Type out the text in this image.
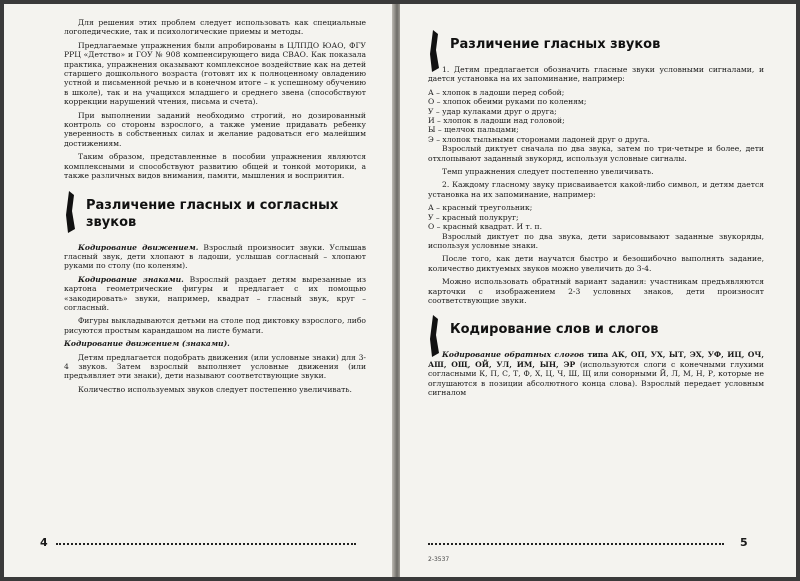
Для решения этих проблем следует использовать как специальные логопедические, так и психологические приемы и методы.

Предлагаемые упражнения были апробированы в ЦЛПДО ЮАО, ФГУ РРЦ «Детство» и ГОУ № 908 компенсирующего вида СВАО. Как показала практика, упражнения оказывают комплексное воздействие как на детей старшего дошкольного возраста (готовят их к полноценному овладению устной и письменной речью и в конечном итоге – к успешному обучению в школе), так и на учащихся младшего и среднего звена (способствуют коррекции нарушений чтения, письма и счета).

При выполнении заданий необходимо строгий, но дозированный контроль со стороны взрослого, а также умение придавать ребенку уверенность в собственных силах и желание радоваться его малейшим достижениям.

Таким образом, представленные в пособии упражнения являются комплексными и способствуют развитию общей и тонкой моторики, а также различных видов внимания, памяти, мышления и восприятия.

Различение гласных и согласных звуков

Кодирование движением. Взрослый произносит звуки. Услышав гласный звук, дети хлопают в ладоши, услышав согласный – хлопают руками по столу (по коленям).

Кодирование знаками. Взрослый раздает детям вырезанные из картона геометрические фигуры и предлагает с их помощью «закодировать» звуки, например, квадрат – гласный звук, круг – согласный.

Фигуры выкладываются детьми на столе под диктовку взрослого, либо рисуются простым карандашом на листе бумаги.

Кодирование движением (знаками).

Детям предлагается подобрать движения (или условные знаки) для 3-4 звуков. Затем взрослый выполняет условные движения (или предъявляет эти знаки), дети называют соответствующие звуки.

Количество используемых звуков следует постепенно увеличивать.

4
Различение гласных звуков

1. Детям предлагается обозначить гласные звуки условными сигналами, и дается установка на их запоминание, например:

А – хлопок в ладоши перед собой;

О – хлопок обеими руками по коленям;

У – удар кулаками друг о друга;

И – хлопок в ладоши над головой;

Ы – щелчок пальцами;

Э – хлопок тыльными сторонами ладоней друг о друга.

Взрослый диктует сначала по два звука, затем по три-четыре и более, дети отхлопывают заданный звукоряд, используя условные сигналы.

Темп упражнения следует постепенно увеличивать.

2. Каждому гласному звуку присваивается какой-либо символ, и детям дается установка на их запоминание, например:

А – красный треугольник;

У – красный полукруг;

О – красный квадрат. И т. п.

Взрослый диктует по два звука, дети зарисовывают заданные звукоряды, используя условные знаки.

После того, как дети научатся быстро и безошибочно выполнять задание, количество диктуемых звуков можно увеличить до 3-4.

Можно использовать обратный вариант задания: участникам предъявляются карточки с изображением 2-3 условных знаков, дети произносят соответствующие звуки.

Кодирование слов и слогов

Кодирование обратных слогов типа АК, ОП, УХ, ЫТ, ЭХ, УФ, ИЦ, ОЧ, АШ, ОЩ, ОЙ, УЛ, ИМ, ЫН, ЭР (используются слоги с конечными глухими согласными К, П, С, Т, Ф, Х, Ц, Ч, Ш, Щ или сонорными Й, Л, М, Н, Р, которые не оглушаются в позиции абсолютного конца слова). Взрослый передает условным сигналом

5
2-3537
